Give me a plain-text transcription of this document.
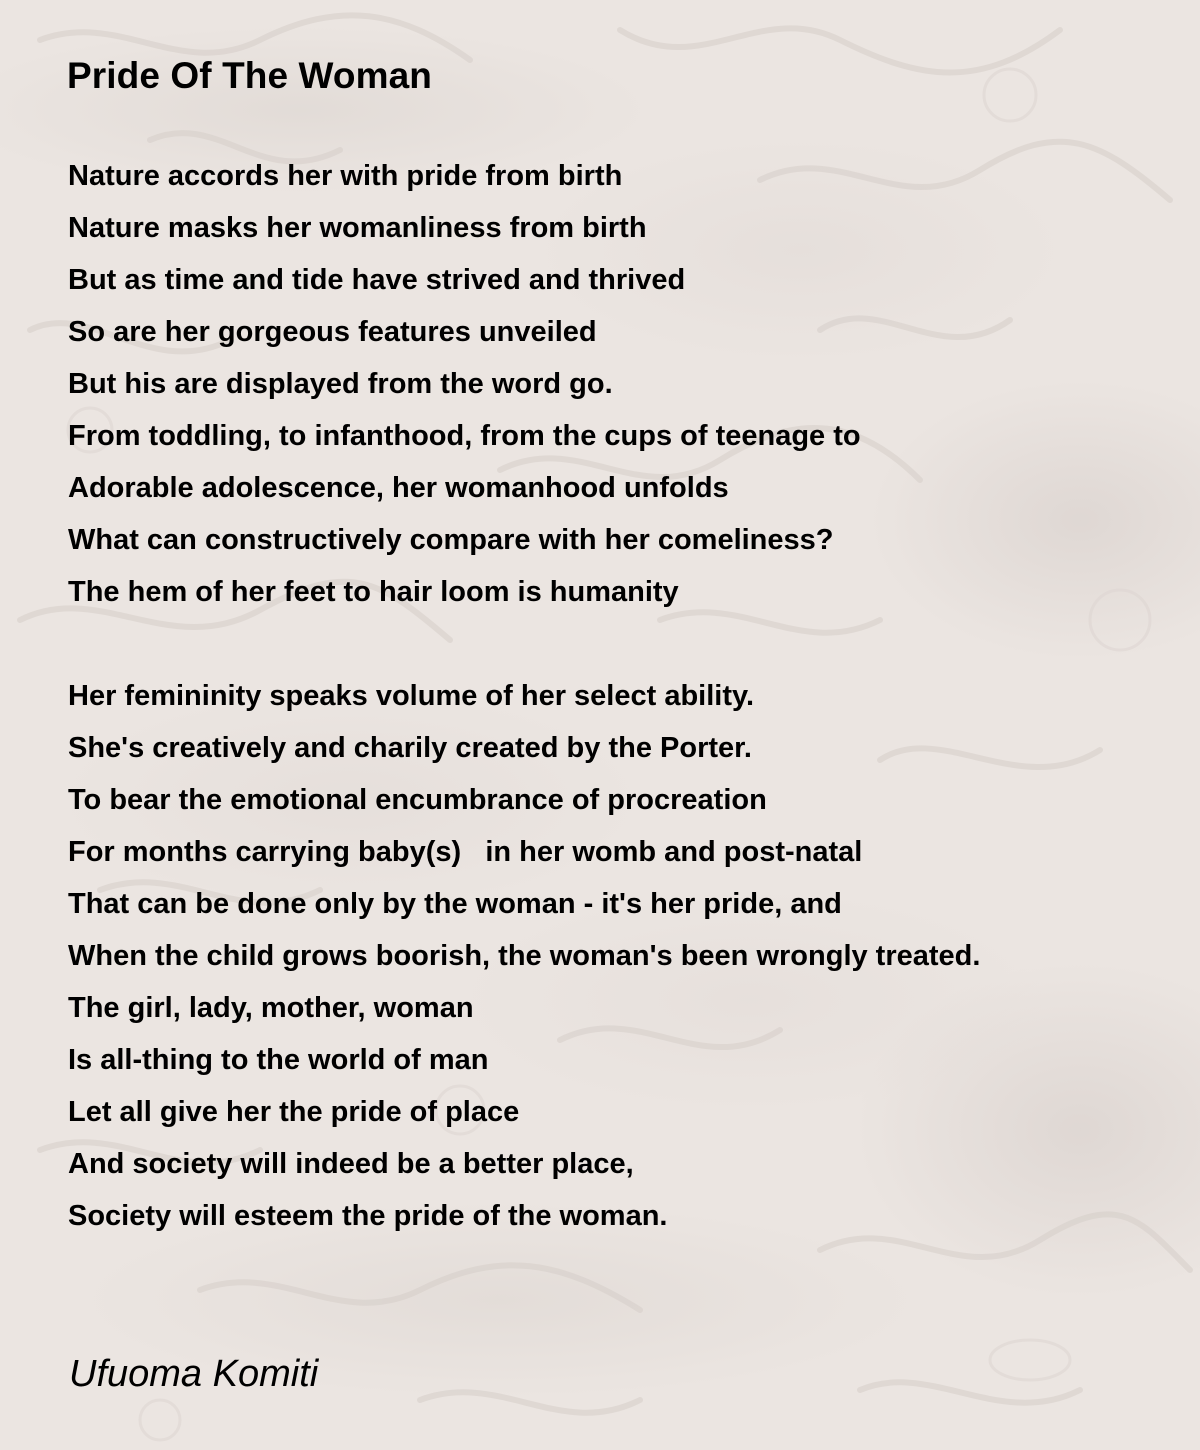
Pride Of The Woman
Nature accords her with pride from birth
Nature masks her womanliness from birth
But as time and tide have strived and thrived
So are her gorgeous features unveiled
But his are displayed from the word go.
From toddling, to infanthood, from the cups of teenage to
Adorable adolescence, her womanhood unfolds
What can constructively compare with her comeliness?
The hem of her feet to hair loom is humanity
Her femininity speaks volume of her select ability.
She's creatively and charily created by the Porter.
To bear the emotional encumbrance of procreation
For months carrying baby(s)   in her womb and post-natal
That can be done only by the woman - it's her pride, and
When the child grows boorish, the woman's been wrongly treated.
The girl, lady, mother, woman
Is all-thing to the world of man
Let all give her the pride of place
And society will indeed be a better place,
Society will esteem the pride of the woman.
Ufuoma Komiti
